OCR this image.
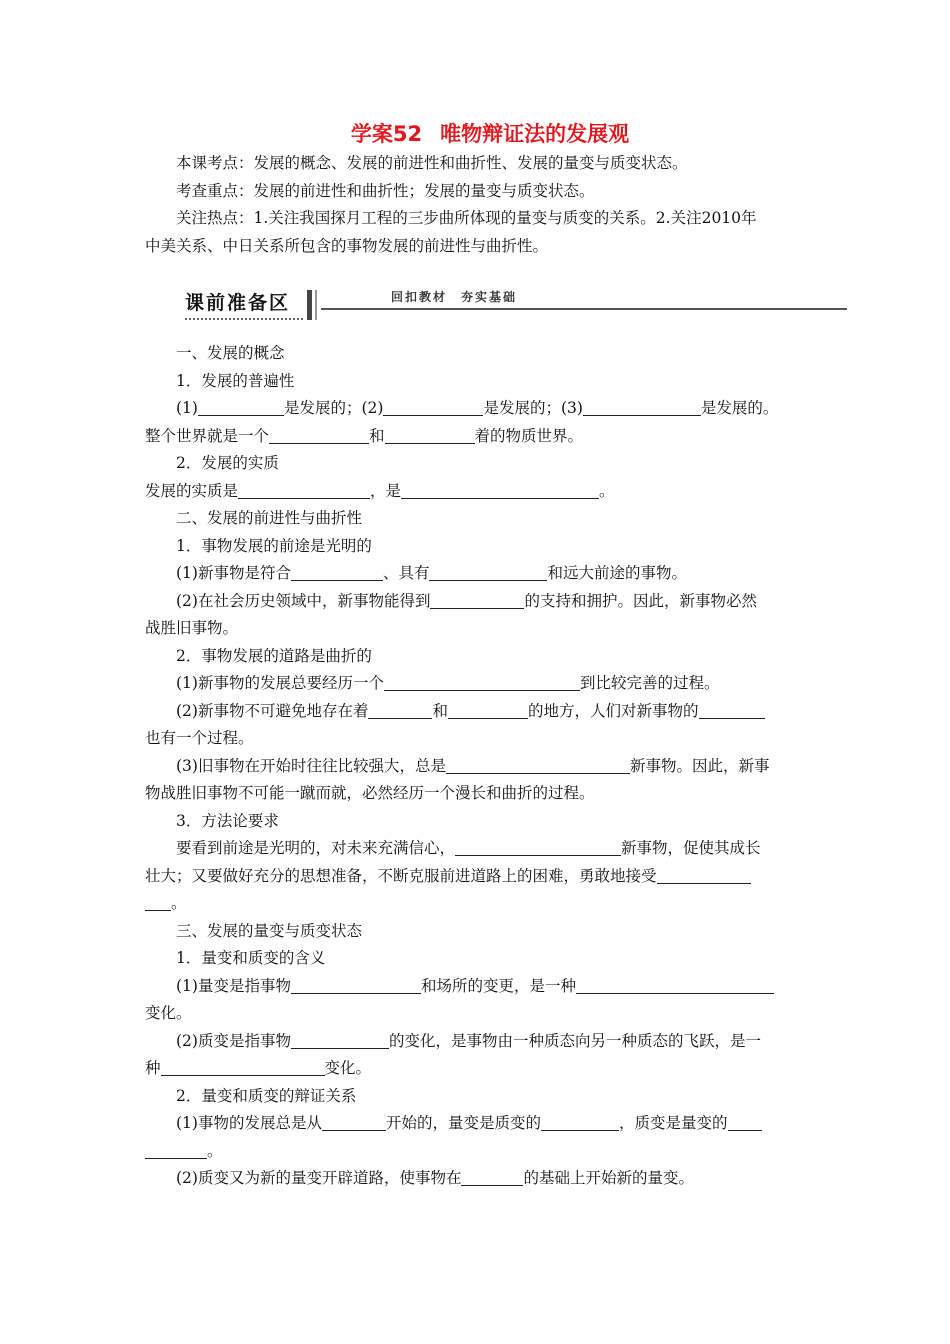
学案52 唯物辩证法的发展观
本课考点：发展的概念、发展的前进性和曲折性、发展的量变与质变状态。
考查重点：发展的前进性和曲折性；发展的量变与质变状态。
关注热点：1.关注我国探月工程的三步曲所体现的量变与质变的关系。2.关注2010年
中美关系、中日关系所包含的事物发展的前进性与曲折性。
课前准备区	回扣教材　夯实基础
一、发展的概念
1．发展的普遍性
(1)	是发展的；(2)	是发展的；(3)	是发展的。
整个世界就是一个	和	着的物质世界。
2．发展的实质
发展的实质是	，是	。
二、发展的前进性与曲折性
1．事物发展的前途是光明的
(1)新事物是符合	、具有	和远大前途的事物。
(2)在社会历史领域中，新事物能得到	的支持和拥护。因此，新事物必然
战胜旧事物。
2．事物发展的道路是曲折的
(1)新事物的发展总要经历一个	到比较完善的过程。
(2)新事物不可避免地存在着	和	的地方，人们对新事物的
也有一个过程。
(3)旧事物在开始时往往比较强大，总是	新事物。因此，新事
物战胜旧事物不可能一蹴而就，必然经历一个漫长和曲折的过程。
3．方法论要求
要看到前途是光明的，对未来充满信心，	新事物，促使其成长
壮大；又要做好充分的思想准备，不断克服前进道路上的困难，勇敢地接受
。
三、发展的量变与质变状态
1．量变和质变的含义
(1)量变是指事物	和场所的变更，是一种
变化。
(2)质变是指事物	的变化，是事物由一种质态向另一种质态的飞跃，是一
种	变化。
2．量变和质变的辩证关系
(1)事物的发展总是从	开始的，量变是质变的	，质变是量变的
。
(2)质变又为新的量变开辟道路，使事物在	的基础上开始新的量变。
